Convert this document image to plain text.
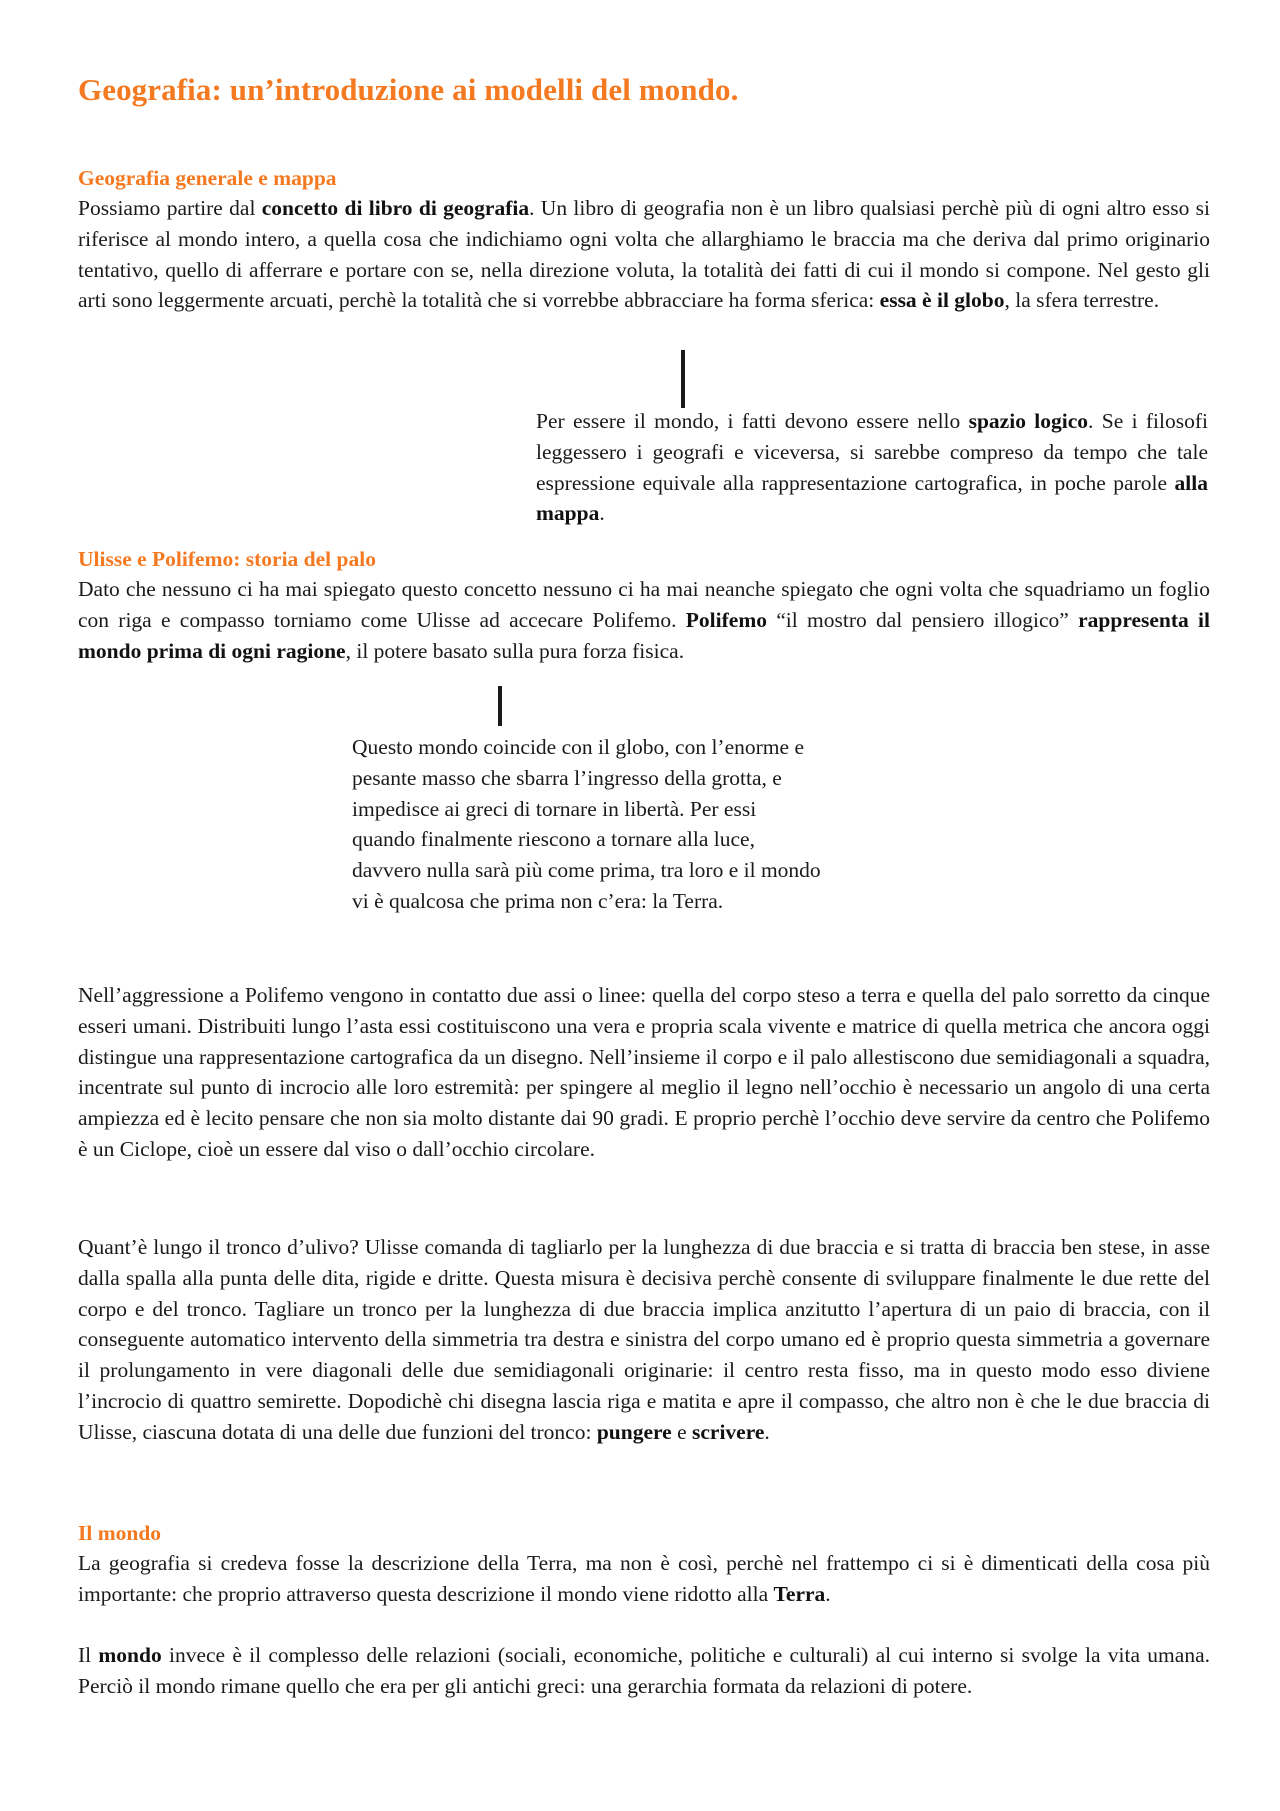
Geografia: un’introduzione ai modelli del mondo.
Geografia generale e mappa

Possiamo partire dal concetto di libro di geografia. Un libro di geografia non è un libro qualsiasi perchè più di ogni altro esso si riferisce al mondo intero, a quella cosa che indichiamo ogni volta che allarghiamo le braccia ma che deriva dal primo originario tentativo, quello di afferrare e portare con se, nella direzione voluta, la totalità dei fatti di cui il mondo si compone. Nel gesto gli arti sono leggermente arcuati, perchè la totalità che si vorrebbe abbracciare ha forma sferica: essa è il globo, la sfera terrestre.

Per essere il mondo, i fatti devono essere nello spazio logico. Se i filosofi leggessero i geografi e viceversa, si sarebbe compreso da tempo che tale espressione equivale alla rappresentazione cartografica, in poche parole alla mappa.

Ulisse e Polifemo: storia del palo

Dato che nessuno ci ha mai spiegato questo concetto nessuno ci ha mai neanche spiegato che ogni volta che squadriamo un foglio con riga e compasso torniamo come Ulisse ad accecare Polifemo. Polifemo “il mostro dal pensiero illogico” rappresenta il mondo prima di ogni ragione, il potere basato sulla pura forza fisica.

Questo mondo coincide con il globo, con l’enorme e pesante masso che sbarra l’ingresso della grotta, e impedisce ai greci di tornare in libertà. Per essi quando finalmente riescono a tornare alla luce, davvero nulla sarà più come prima, tra loro e il mondo vi è qualcosa che prima non c’era: la Terra.

Nell’aggressione a Polifemo vengono in contatto due assi o linee: quella del corpo steso a terra e quella del palo sorretto da cinque esseri umani. Distribuiti lungo l’asta essi costituiscono una vera e propria scala vivente e matrice di quella metrica che ancora oggi distingue una rappresentazione cartografica da un disegno. Nell’insieme il corpo e il palo allestiscono due semidiagonali a squadra, incentrate sul punto di incrocio alle loro estremità: per spingere al meglio il legno nell’occhio è necessario un angolo di una certa ampiezza ed è lecito pensare che non sia molto distante dai 90 gradi. E proprio perchè l’occhio deve servire da centro che Polifemo è un Ciclope, cioè un essere dal viso o dall’occhio circolare.

Quant’è lungo il tronco d’ulivo? Ulisse comanda di tagliarlo per la lunghezza di due braccia e si tratta di braccia ben stese, in asse dalla spalla alla punta delle dita, rigide e dritte. Questa misura è decisiva perchè consente di sviluppare finalmente le due rette del corpo e del tronco. Tagliare un tronco per la lunghezza di due braccia implica anzitutto l’apertura di un paio di braccia, con il conseguente automatico intervento della simmetria tra destra e sinistra del corpo umano ed è proprio questa simmetria a governare il prolungamento in vere diagonali delle due semidiagonali originarie: il centro resta fisso, ma in questo modo esso diviene l’incrocio di quattro semirette. Dopodichè chi disegna lascia riga e matita e apre il compasso, che altro non è che le due braccia di Ulisse, ciascuna dotata di una delle due funzioni del tronco: pungere e scrivere.

Il mondo

La geografia si credeva fosse la descrizione della Terra, ma non è così, perchè nel frattempo ci si è dimenticati della cosa più importante: che proprio attraverso questa descrizione il mondo viene ridotto alla Terra.

Il mondo invece è il complesso delle relazioni (sociali, economiche, politiche e culturali) al cui interno si svolge la vita umana. Perciò il mondo rimane quello che era per gli antichi greci: una gerarchia formata da relazioni di potere.
